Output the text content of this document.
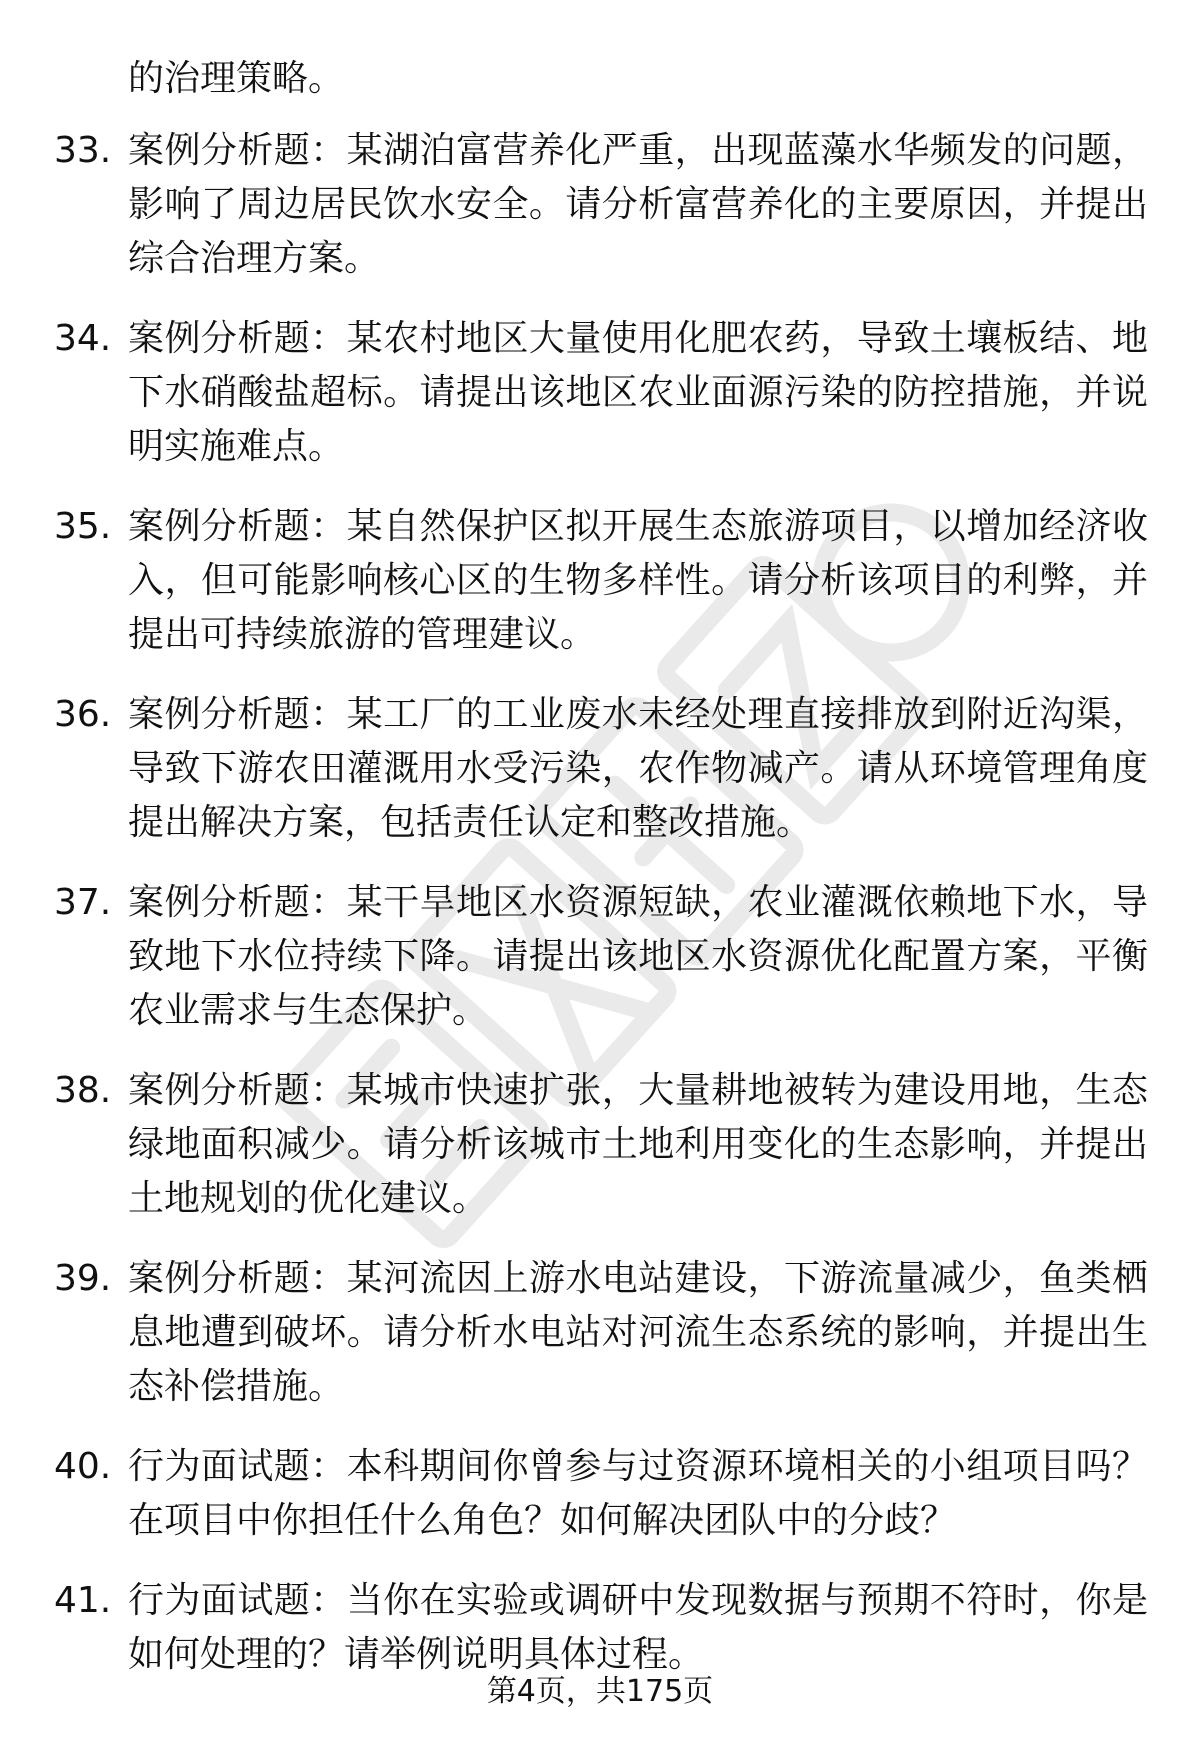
的治理策略。
33. 案例分析题：某湖泊富营养化严重，出现蓝藻水华频发的问题，影响了周边居民饮水安全。请分析富营养化的主要原因，并提出综合治理方案。
34. 案例分析题：某农村地区大量使用化肥农药，导致土壤板结、地下水硝酸盐超标。请提出该地区农业面源污染的防控措施，并说明实施难点。
35. 案例分析题：某自然保护区拟开展生态旅游项目，以增加经济收入，但可能影响核心区的生物多样性。请分析该项目的利弊，并提出可持续旅游的管理建议。
36. 案例分析题：某工厂的工业废水未经处理直接排放到附近沟渠，导致下游农田灌溉用水受污染，农作物减产。请从环境管理角度提出解决方案，包括责任认定和整改措施。
37. 案例分析题：某干旱地区水资源短缺，农业灌溉依赖地下水，导致地下水位持续下降。请提出该地区水资源优化配置方案，平衡农业需求与生态保护。
38. 案例分析题：某城市快速扩张，大量耕地被转为建设用地，生态绿地面积减少。请分析该城市土地利用变化的生态影响，并提出土地规划的优化建议。
39. 案例分析题：某河流因上游水电站建设，下游流量减少，鱼类栖息地遭到破坏。请分析水电站对河流生态系统的影响，并提出生态补偿措施。
40. 行为面试题：本科期间你曾参与过资源环境相关的小组项目吗？在项目中你担任什么角色？如何解决团队中的分歧？
41. 行为面试题：当你在实验或调研中发现数据与预期不符时，你是如何处理的？请举例说明具体过程。
第4页，共175页
